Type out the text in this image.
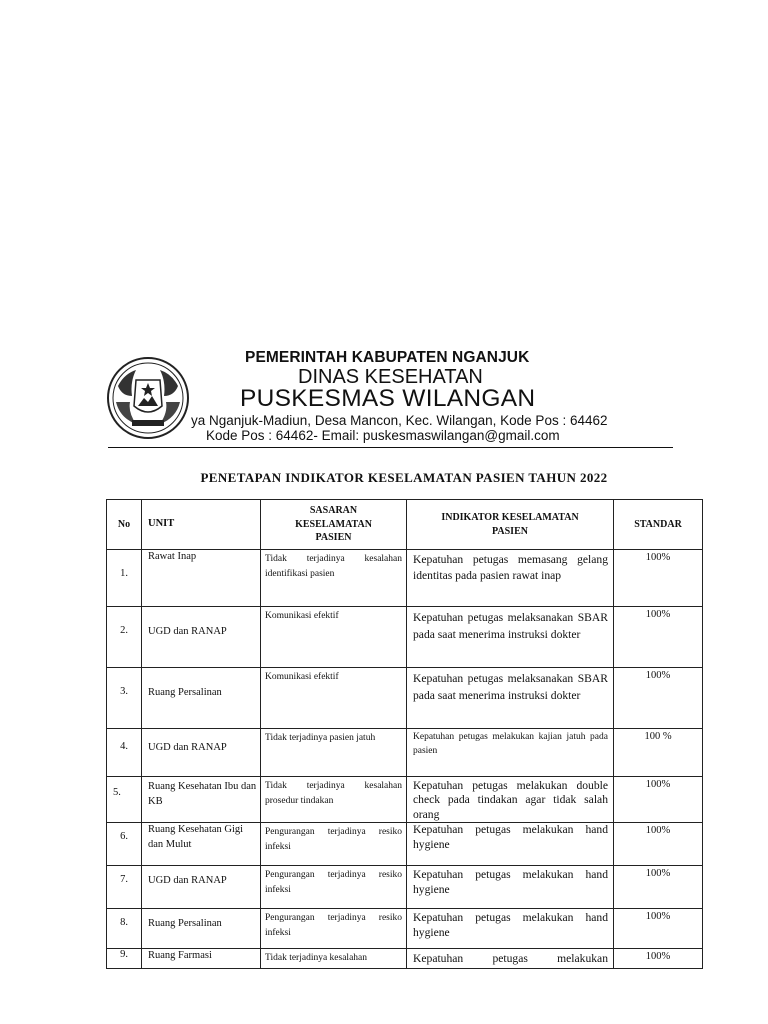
PEMERINTAH KABUPATEN NGANJUK
DINAS KESEHATAN
PUSKESMAS WILANGAN
ya Nganjuk-Madiun, Desa Mancon, Kec. Wilangan, Kode Pos : 64462
Kode Pos : 64462- Email: puskesmaswilangan@gmail.com
PENETAPAN INDIKATOR KESELAMATAN PASIEN TAHUN 2022
No	UNIT	SASARAN KESELAMATAN PASIEN	INDIKATOR KESELAMATAN PASIEN	STANDAR
1.	Rawat Inap	Tidak terjadinya kesalahan identifikasi pasien	Kepatuhan petugas memasang gelang identitas pada pasien rawat inap	100%
2.	UGD dan RANAP	Komunikasi efektif	Kepatuhan petugas melaksanakan SBAR pada saat menerima instruksi dokter	100%
3.	Ruang Persalinan	Komunikasi efektif	Kepatuhan petugas melaksanakan SBAR pada saat menerima instruksi dokter	100%
4.	UGD dan RANAP	Tidak terjadinya pasien jatuh	Kepatuhan petugas melakukan kajian jatuh pada pasien	100 %
5.	Ruang Kesehatan Ibu dan KB	Tidak terjadinya kesalahan prosedur tindakan	Kepatuhan petugas melakukan double check pada tindakan agar tidak salah orang	100%
6.	Ruang Kesehatan Gigi dan Mulut	Pengurangan terjadinya resiko infeksi	Kepatuhan petugas melakukan hand hygiene	100%
7.	UGD dan RANAP	Pengurangan terjadinya resiko infeksi	Kepatuhan petugas melakukan hand hygiene	100%
8.	Ruang Persalinan	Pengurangan terjadinya resiko infeksi	Kepatuhan petugas melakukan hand hygiene	100%
9.	Ruang Farmasi	Tidak terjadinya kesalahan	Kepatuhan petugas melakukan	100%
